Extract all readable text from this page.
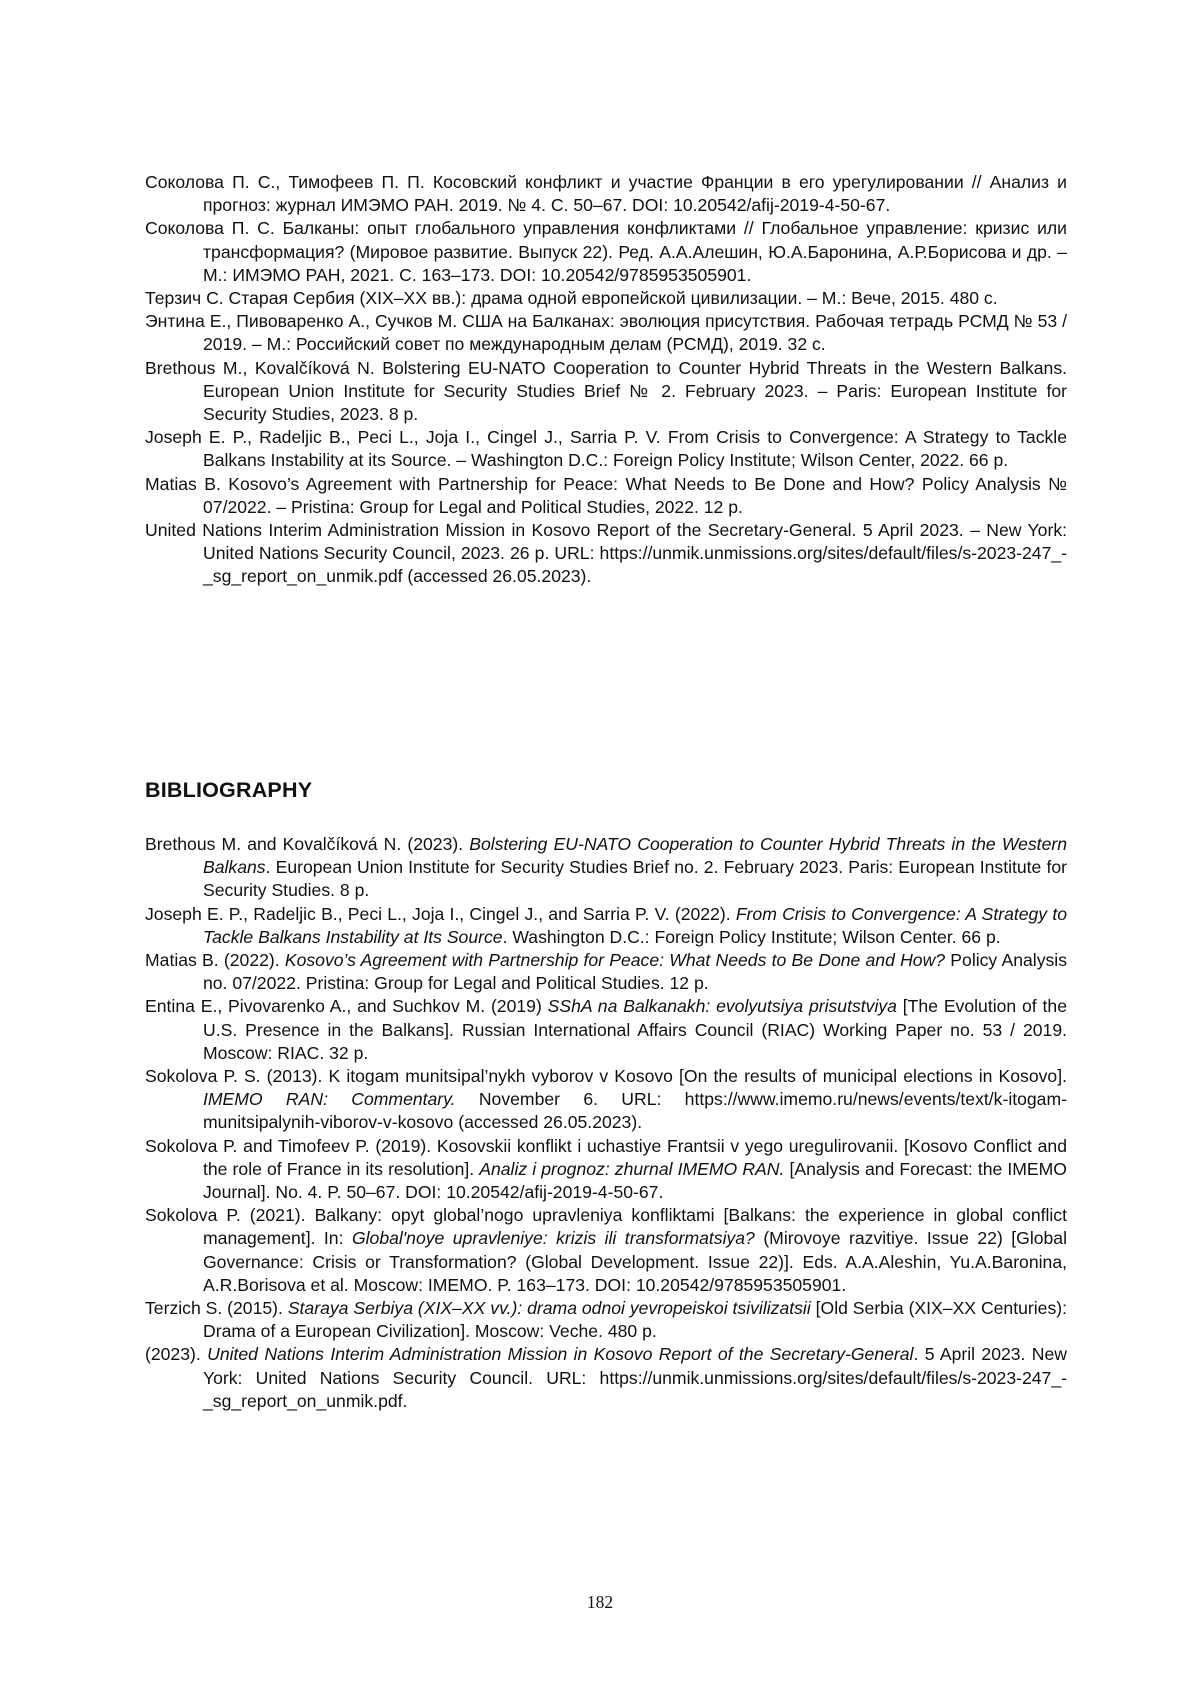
Соколова П. С., Тимофеев П. П. Косовский конфликт и участие Франции в его урегулировании // Анализ и прогноз: журнал ИМЭМО РАН. 2019. № 4. С. 50–67. DOI: 10.20542/afij-2019-4-50-67.

Соколова П. С. Балканы: опыт глобального управления конфликтами // Глобальное управление: кризис или трансформация? (Мировое развитие. Выпуск 22). Ред. А.А.Алешин, Ю.А.Баронина, А.Р.Борисова и др. – М.: ИМЭМО РАН, 2021. С. 163–173. DOI: 10.20542/9785953505901.

Терзич С. Старая Сербия (XIX–XX вв.): драма одной европейской цивилизации. – М.: Вече, 2015. 480 с.

Энтина Е., Пивоваренко А., Сучков М. США на Балканах: эволюция присутствия. Рабочая тетрадь РСМД № 53 / 2019. – М.: Российский совет по международным делам (РСМД), 2019. 32 с.

Brethous M., Kovalčíková N. Bolstering EU-NATO Cooperation to Counter Hybrid Threats in the Western Balkans. European Union Institute for Security Studies Brief № 2. February 2023. – Paris: European Institute for Security Studies, 2023. 8 p.

Joseph E. P., Radeljic B., Peci L., Joja I., Cingel J., Sarria P. V. From Crisis to Convergence: A Strategy to Tackle Balkans Instability at its Source. – Washington D.C.: Foreign Policy Institute; Wilson Center, 2022. 66 p.

Matias B. Kosovo’s Agreement with Partnership for Peace: What Needs to Be Done and How? Policy Analysis № 07/2022. – Pristina: Group for Legal and Political Studies, 2022. 12 p.

United Nations Interim Administration Mission in Kosovo Report of the Secretary-General. 5 April 2023. – New York: United Nations Security Council, 2023. 26 p. URL: https://unmik.unmissions.org/sites/default/files/s-2023-247_-_sg_report_on_unmik.pdf (accessed 26.05.2023).

BIBLIOGRAPHY

Brethous M. and Kovalčíková N. (2023). Bolstering EU-NATO Cooperation to Counter Hybrid Threats in the Western Balkans. European Union Institute for Security Studies Brief no. 2. February 2023. Paris: European Institute for Security Studies. 8 p.

Joseph E. P., Radeljic B., Peci L., Joja I., Cingel J., and Sarria P. V. (2022). From Crisis to Convergence: A Strategy to Tackle Balkans Instability at Its Source. Washington D.C.: Foreign Policy Institute; Wilson Center. 66 p.

Matias B. (2022). Kosovo’s Agreement with Partnership for Peace: What Needs to Be Done and How? Policy Analysis no. 07/2022. Pristina: Group for Legal and Political Studies. 12 p.

Entina E., Pivovarenko A., and Suchkov M. (2019) SShA na Balkanakh: evolyutsiya prisutstviya [The Evolution of the U.S. Presence in the Balkans]. Russian International Affairs Council (RIAC) Working Paper no. 53 / 2019. Moscow: RIAC. 32 p.

Sokolova P. S. (2013). K itogam munitsipal’nykh vyborov v Kosovo [On the results of municipal elections in Kosovo]. IMEMO RAN: Commentary. November 6. URL: https://www.imemo.ru/news/events/text/k-itogam-munitsipalynih-viborov-v-kosovo (accessed 26.05.2023).

Sokolova P. and Timofeev P. (2019). Kosovskii konflikt i uchastiye Frantsii v yego uregulirovanii. [Kosovo Conflict and the role of France in its resolution]. Analiz i prognoz: zhurnal IMEMO RAN. [Analysis and Forecast: the IMEMO Journal]. No. 4. P. 50–67. DOI: 10.20542/afij-2019-4-50-67.

Sokolova P. (2021). Balkany: opyt global’nogo upravleniya konfliktami [Balkans: the experience in global conflict management]. In: Global'noye upravleniye: krizis ili transformatsiya? (Mirovoye razvitiye. Issue 22) [Global Governance: Crisis or Transformation? (Global Development. Issue 22)]. Eds. A.A.Aleshin, Yu.A.Baronina, A.R.Borisova et al. Moscow: IMEMO. P. 163–173. DOI: 10.20542/9785953505901.

Terzich S. (2015). Staraya Serbiya (XIX–XX vv.): drama odnoi yevropeiskoi tsivilizatsii [Old Serbia (XIX–XX Centuries): Drama of a European Civilization]. Moscow: Veche. 480 p.

(2023). United Nations Interim Administration Mission in Kosovo Report of the Secretary-General. 5 April 2023. New York: United Nations Security Council. URL: https://unmik.unmissions.org/sites/default/files/s-2023-247_-_sg_report_on_unmik.pdf.

182
